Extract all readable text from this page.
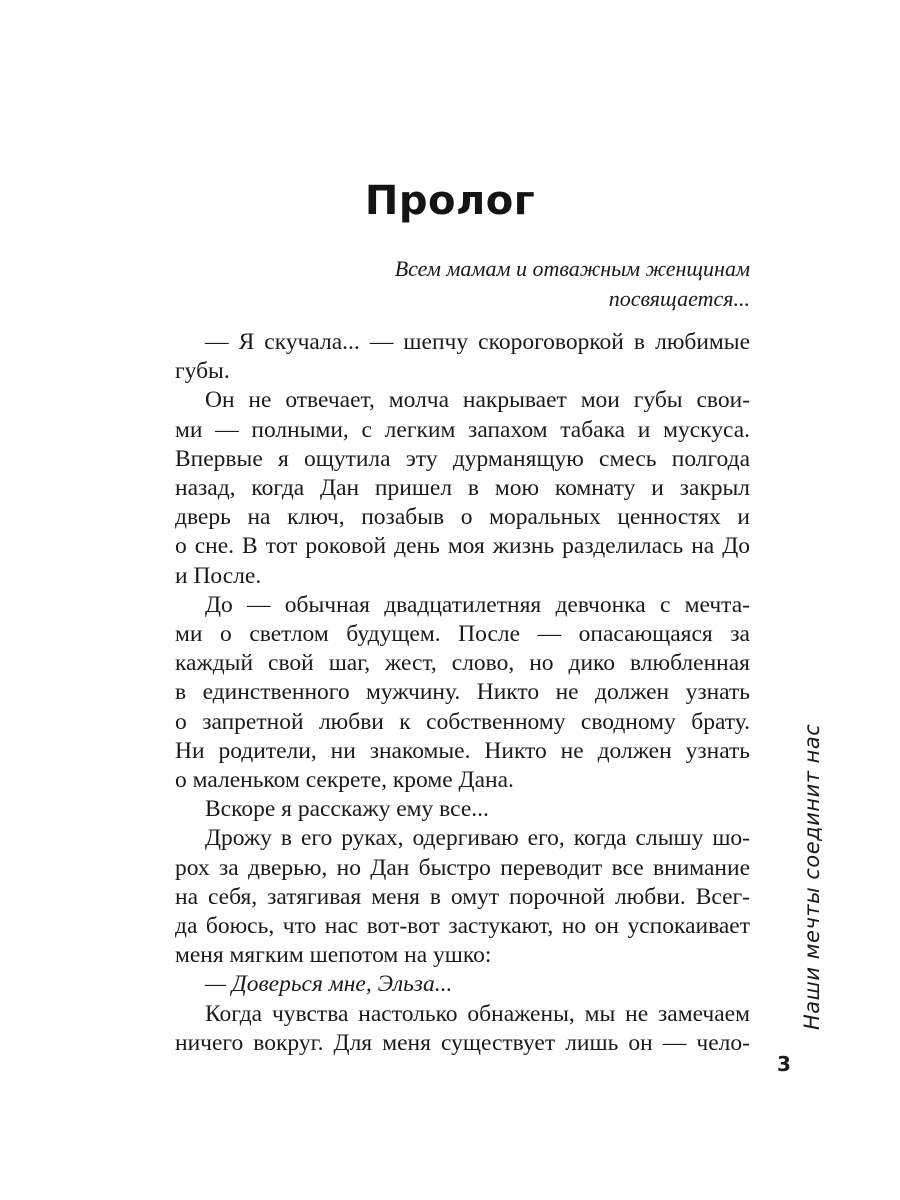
Пролог
Всем мамам и отважным женщинам
посвящается...
— Я скучала... — шепчу скороговоркой в любимые
губы.
Он не отвечает, молча накрывает мои губы свои-
ми — полными, с легким запахом табака и мускуса.
Впервые я ощутила эту дурманящую смесь полгода
назад, когда Дан пришел в мою комнату и закрыл
дверь на ключ, позабыв о моральных ценностях и
о сне. В тот роковой день моя жизнь разделилась на До
и После.
До — обычная двадцатилетняя девчонка с мечта-
ми о светлом будущем. После — опасающаяся за
каждый свой шаг, жест, слово, но дико влюбленная
в единственного мужчину. Никто не должен узнать
о запретной любви к собственному сводному брату.
Ни родители, ни знакомые. Никто не должен узнать
о маленьком секрете, кроме Дана.
Вскоре я расскажу ему все...
Дрожу в его руках, одергиваю его, когда слышу шо-
рох за дверью, но Дан быстро переводит все внимание
на себя, затягивая меня в омут порочной любви. Всег-
да боюсь, что нас вот-вот застукают, но он успокаивает
меня мягким шепотом на ушко:
— Доверься мне, Эльза...
Когда чувства настолько обнажены, мы не замечаем
ничего вокруг. Для меня существует лишь он — чело-
Наши мечты соединит нас
3
